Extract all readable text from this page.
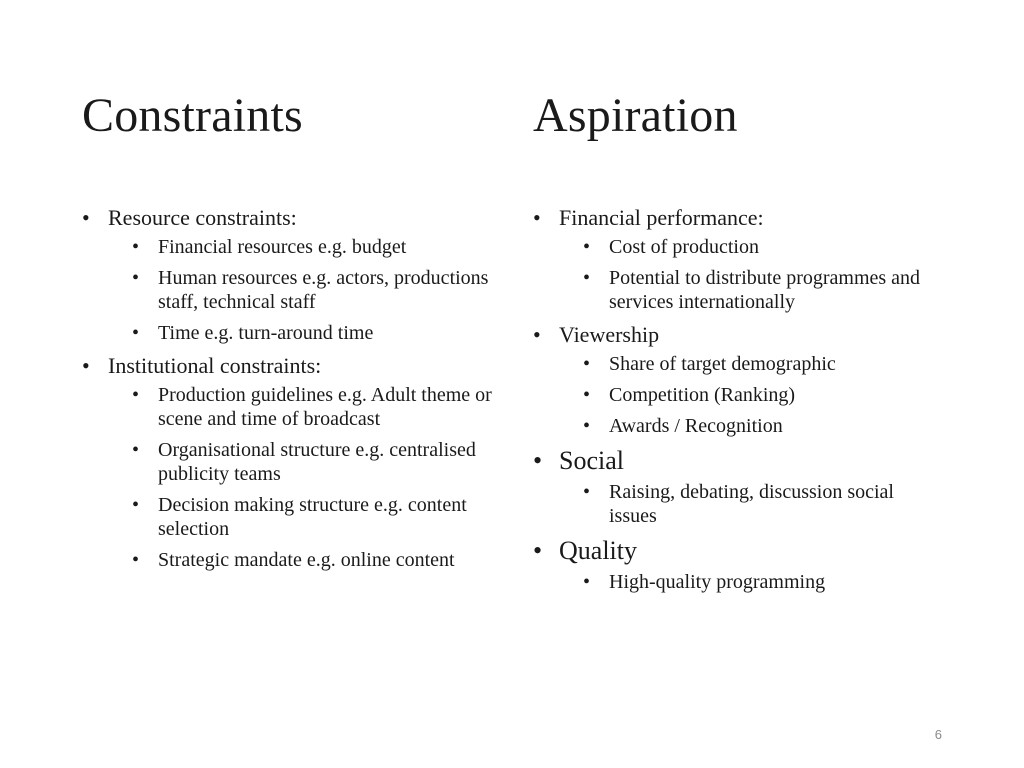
Constraints	Aspiration
• Resource constraints:
• Financial resources e.g. budget
• Human resources e.g. actors, productions staff, technical staff
• Time e.g. turn-around time
• Institutional constraints:
• Production guidelines e.g. Adult theme or scene and time of broadcast
• Organisational structure e.g. centralised publicity teams
• Decision making structure e.g. content selection
• Strategic mandate e.g. online content
• Financial performance:
• Cost of production
• Potential to distribute programmes and services internationally
• Viewership
• Share of target demographic
• Competition (Ranking)
• Awards / Recognition
• Social
• Raising, debating, discussion social issues
• Quality
• High-quality programming
6
